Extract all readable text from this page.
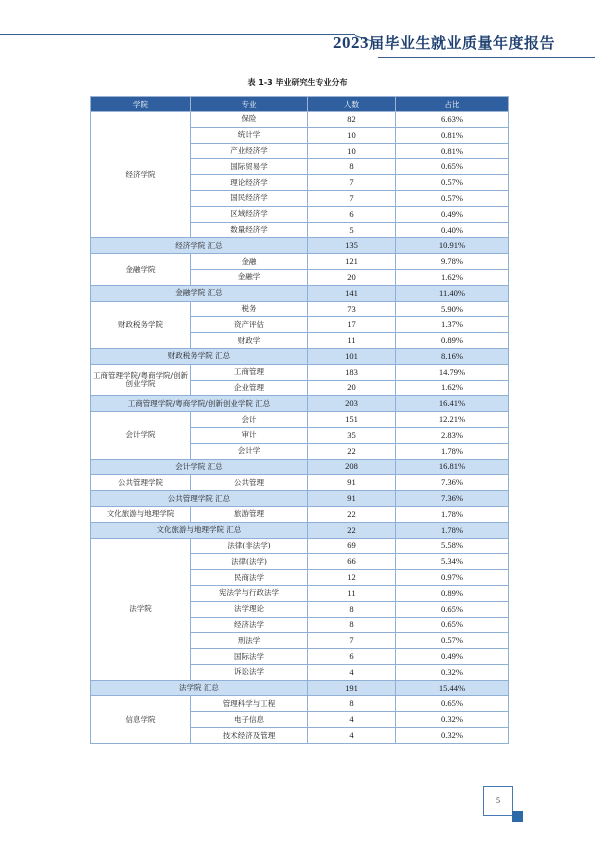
2023届毕业生就业质量年度报告
表 1-3 毕业研究生专业分布
学院	专业	人数	占比
经济学院	保险	82	6.63%
	统计学	10	0.81%
	产业经济学	10	0.81%
	国际贸易学	8	0.65%
	理论经济学	7	0.57%
	国民经济学	7	0.57%
	区域经济学	6	0.49%
	数量经济学	5	0.40%
经济学院 汇总		135	10.91%
金融学院	金融	121	9.78%
	金融学	20	1.62%
金融学院 汇总		141	11.40%
财政税务学院	税务	73	5.90%
	资产评估	17	1.37%
	财政学	11	0.89%
财政税务学院 汇总		101	8.16%
工商管理学院/粤商学院/创新创业学院	工商管理	183	14.79%
	企业管理	20	1.62%
工商管理学院/粤商学院/创新创业学院 汇总		203	16.41%
会计学院	会计	151	12.21%
	审计	35	2.83%
	会计学	22	1.78%
会计学院 汇总		208	16.81%
公共管理学院	公共管理	91	7.36%
公共管理学院 汇总		91	7.36%
文化旅游与地理学院	旅游管理	22	1.78%
文化旅游与地理学院 汇总		22	1.78%
法学院	法律(非法学)	69	5.58%
	法律(法学)	66	5.34%
	民商法学	12	0.97%
	宪法学与行政法学	11	0.89%
	法学理论	8	0.65%
	经济法学	8	0.65%
	刑法学	7	0.57%
	国际法学	6	0.49%
	诉讼法学	4	0.32%
法学院 汇总		191	15.44%
信息学院	管理科学与工程	8	0.65%
	电子信息	4	0.32%
	技术经济及管理	4	0.32%
5
